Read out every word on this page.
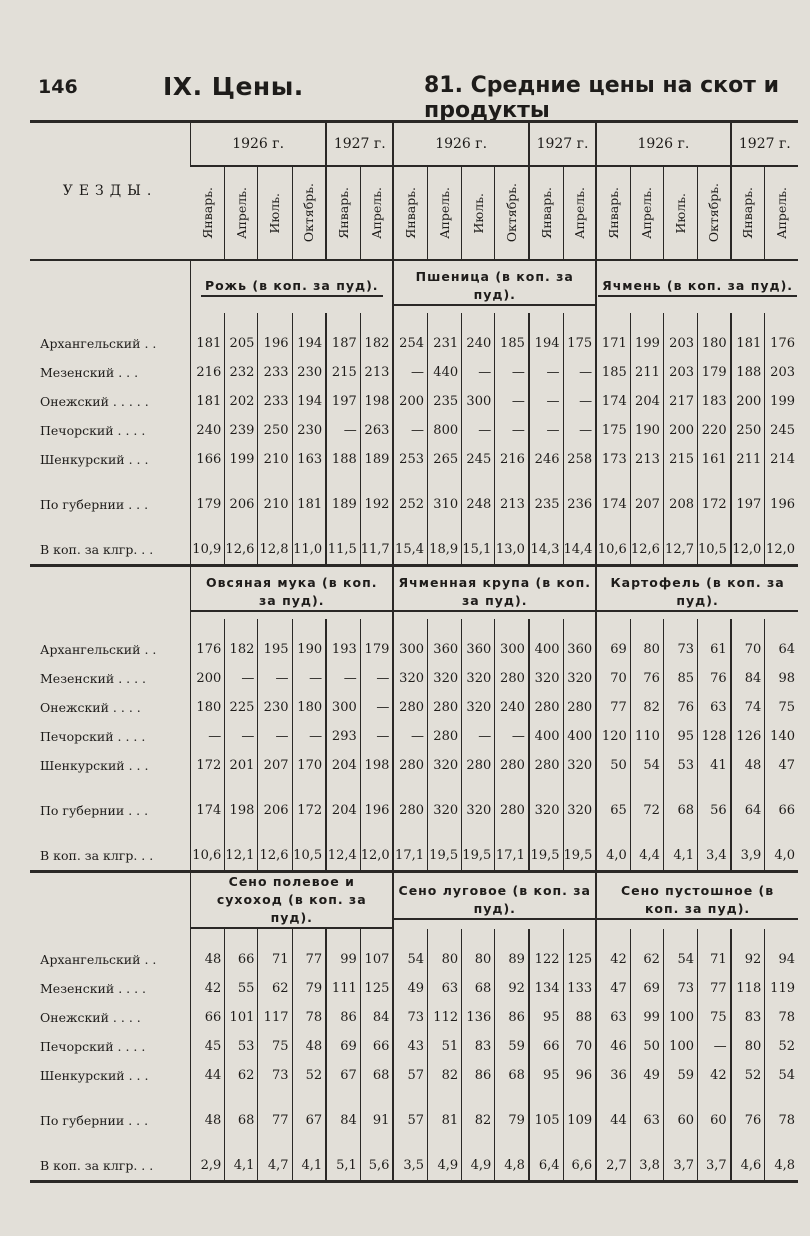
146	IX. Цены.	81. Средние цены на скот и продукты
УЕЗДЫ.	1926 г.				1927 г.		1926 г.				1927 г.		1926 г.				1927 г.	

	Январь.	Апрель.	Июль.	Октябрь.	Январь.	Апрель.	Январь.	Апрель.	Июль.	Октябрь.	Январь.	Апрель.	Январь.	Апрель.	Июль.	Октябрь.	Январь.	Апрель.

	Рожь (в коп. за пуд).						Пшеница (в коп. за пуд).						Ячмень (в коп. за пуд).					

Архангельский . .	181	205	196	194	187	182	254	231	240	185	194	175	171	199	203	180	181	176
Мезенский . . .	216	232	233	230	215	213	—	440	—	—	—	—	185	211	203	179	188	203
Онежский . . . . .	181	202	233	194	197	198	200	235	300	—	—	—	174	204	217	183	200	199
Печорский . . . .	240	239	250	230	—	263	—	800	—	—	—	—	175	190	200	220	250	245
Шенкурский . . .	166	199	210	163	188	189	253	265	245	216	246	258	173	213	215	161	211	214

По губернии . . .	179	206	210	181	189	192	252	310	248	213	235	236	174	207	208	172	197	196

В коп. за клгр. . .	10,9	12,6	12,8	11,0	11,5	11,7	15,4	18,9	15,1	13,0	14,3	14,4	10,6	12,6	12,7	10,5	12,0	12,0
	Овсяная мука (в коп. за пуд).						Ячменная крупа (в коп. за пуд).						Картофель (в коп. за пуд).					

Архангельский . .	176	182	195	190	193	179	300	360	360	300	400	360	69	80	73	61	70	64
Мезенский . . . .	200	—	—	—	—	—	320	320	320	280	320	320	70	76	85	76	84	98
Онежский . . . .	180	225	230	180	300	—	280	280	320	240	280	280	77	82	76	63	74	75
Печорский . . . .	—	—	—	—	293	—	—	280	—	—	400	400	120	110	95	128	126	140
Шенкурский . . .	172	201	207	170	204	198	280	320	280	280	280	320	50	54	53	41	48	47

По губернии . . .	174	198	206	172	204	196	280	320	320	280	320	320	65	72	68	56	64	66

В коп. за клгр. . .	10,6	12,1	12,6	10,5	12,4	12,0	17,1	19,5	19,5	17,1	19,5	19,5	4,0	4,4	4,1	3,4	3,9	4,0
	Сено полевое и сухоход (в коп. за пуд).						Сено луговое (в коп. за пуд).						Сено пустошное (в коп. за пуд).					

Архангельский . .	48	66	71	77	99	107	54	80	80	89	122	125	42	62	54	71	92	94
Мезенский . . . .	42	55	62	79	111	125	49	63	68	92	134	133	47	69	73	77	118	119
Онежский . . . .	66	101	117	78	86	84	73	112	136	86	95	88	63	99	100	75	83	78
Печорский . . . .	45	53	75	48	69	66	43	51	83	59	66	70	46	50	100	—	80	52
Шенкурский . . .	44	62	73	52	67	68	57	82	86	68	95	96	36	49	59	42	52	54

По губернии . . .	48	68	77	67	84	91	57	81	82	79	105	109	44	63	60	60	76	78

В коп. за клгр. . .	2,9	4,1	4,7	4,1	5,1	5,6	3,5	4,9	4,9	4,8	6,4	6,6	2,7	3,8	3,7	3,7	4,6	4,8
